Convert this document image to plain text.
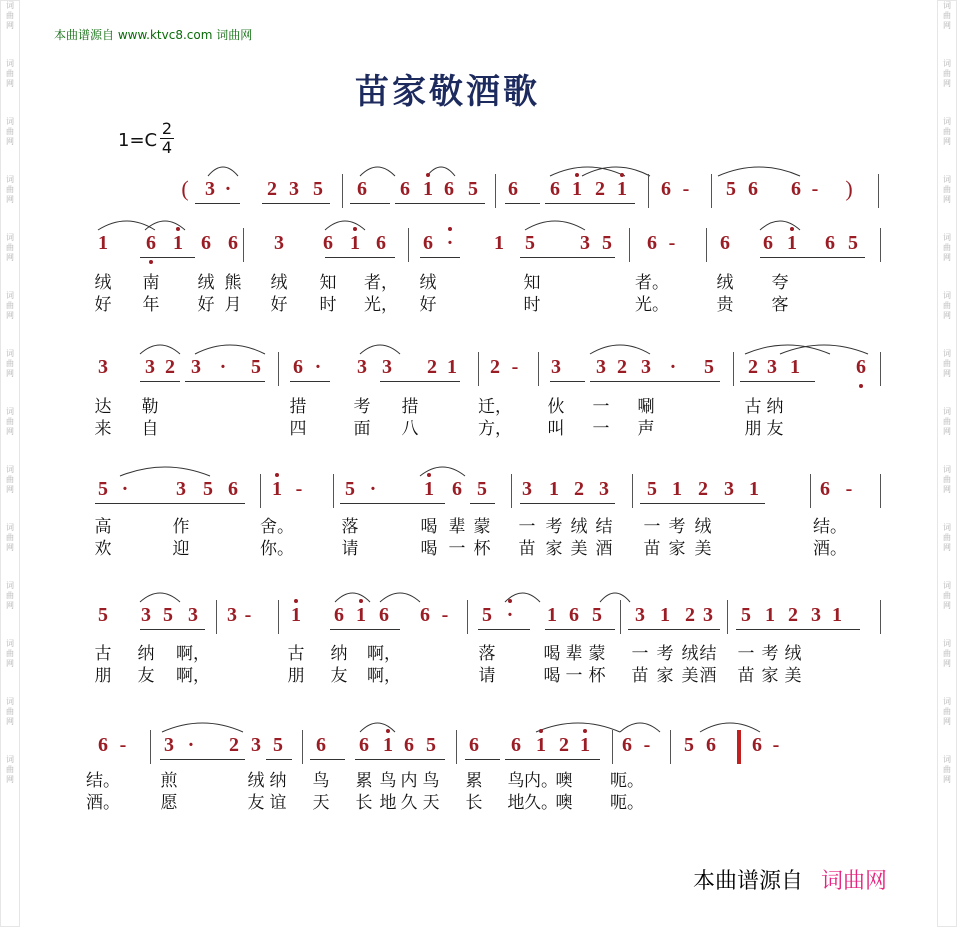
词
曲
网
词
曲
网
词
曲
网
词
曲
网
词
曲
网
词
曲
网
词
曲
网
词
曲
网
词
曲
网
词
曲
网
词
曲
网
词
曲
网
词
曲
网
词
曲
网
词
曲
网
词
曲
网
词
曲
网
词
曲
网
词
曲
网
词
曲
网
词
曲
网
词
曲
网
词
曲
网
词
曲
网
词
曲
网
词
曲
网
词
曲
网
词
曲
网
本曲谱源自 www.ktvc8.com 词曲网
苗家敬酒歌
1=C
2
4
( 3 · 2 3 5 6 6 1 6 5 6 6 1 2 1 6 - 5 6 6 - )
1 6 1 6 6 3 6 1 6 6 · 1 5 3 5 6 - 6 6 1 6 5
绒 南 绒 熊 绒 知 者， 绒	知	者。	绒 夸
好 年 好 月 好 时 光， 好	时	光。	贵 客
3 3 2 3 · 5 6 · 3 3 2 1 2 - 3 3 2 3 · 5 2 3 1	6
达 勒	措	考 措	迁， 伙 一 唰	古 纳
来 自	四	面 八	方， 叫 一 声	朋 友
5 · 3 5 6 1 - 5 · 1 6 5 3 1 2 3 5 1 2 3 1	6 -
高	作	舍。	落	喝 辈 蒙 一 考 绒 结 一 考 绒	结。
欢	迎	你。	请	喝 一 杯 苗 家 美 酒 苗 家 美	酒。
5 3 5 3 3 - 1 6 1 6 6 - 5 · 1 6 5 3 1 2 3 5 1 2 3 1
古 纳 啊，	古 纳 啊，	落	喝 辈 蒙 一 考 绒 结 一 考 绒
朋 友 啊，	朋 友 啊，	请	喝 一 杯 苗 家 美 酒 苗 家 美
6 - 3 · 2 3 5 6 6 1 6 5 6 6 1 2 1 6 - 5 6 6 -
结。 煎	绒 纳 鸟 累 鸟 内 鸟 累 鸟 内。
噢 呃。
酒。 愿	友 谊 天 长 地 久 天 长 地 久。
噢 呃。
本曲谱源自 词曲网
